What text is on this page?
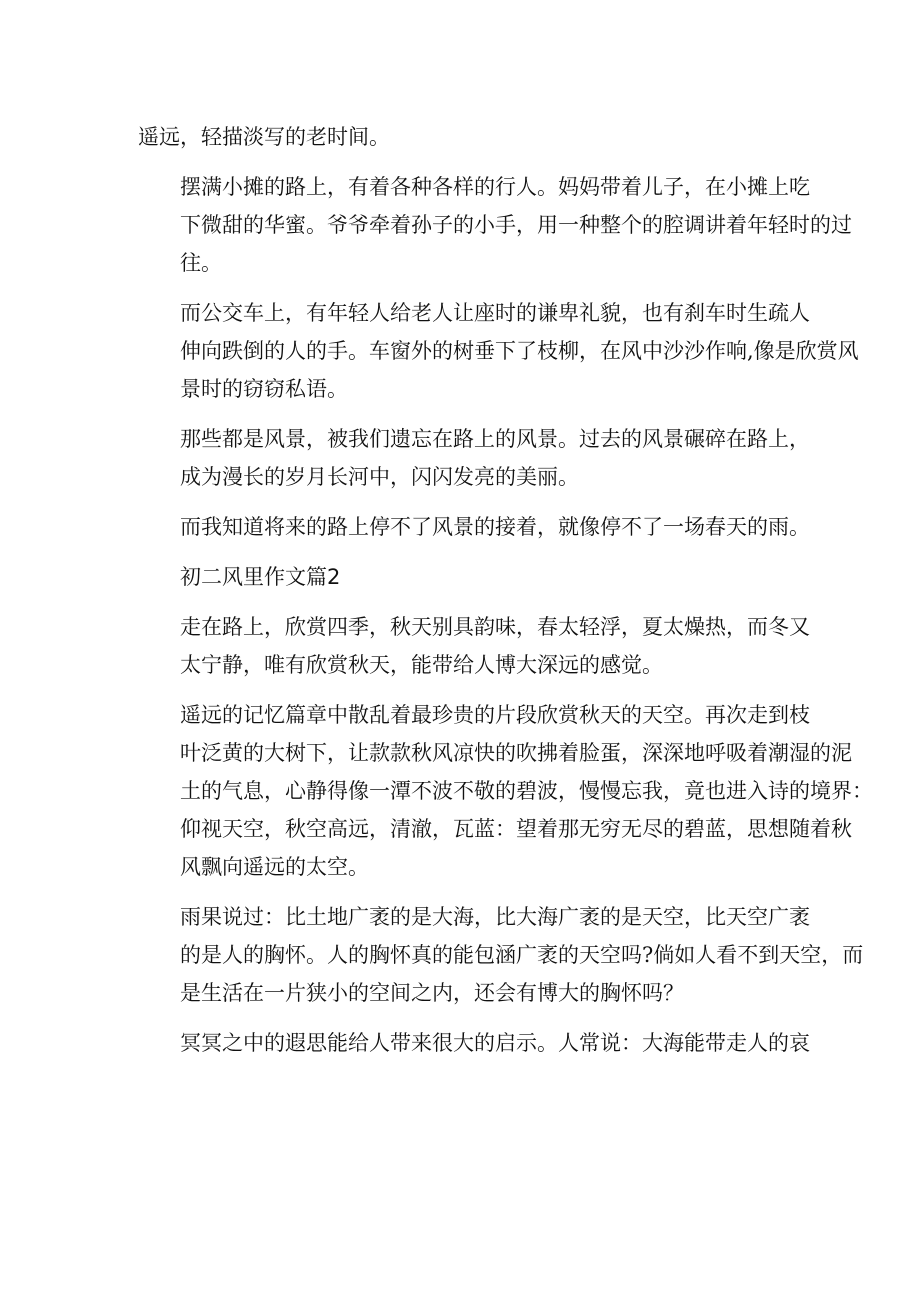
遥远，轻描淡写的老时间。

摆满小摊的路上，有着各种各样的行人。妈妈带着儿子，在小摊上吃
下微甜的华蜜。爷爷牵着孙子的小手，用一种整个的腔调讲着年轻时的过
往。

而公交车上，有年轻人给老人让座时的谦卑礼貌，也有刹车时生疏人
伸向跌倒的人的手。车窗外的树垂下了枝柳，在风中沙沙作响,像是欣赏风
景时的窃窃私语。

那些都是风景，被我们遗忘在路上的风景。过去的风景碾碎在路上，
成为漫长的岁月长河中，闪闪发亮的美丽。

而我知道将来的路上停不了风景的接着，就像停不了一场春天的雨。

初二风里作文篇2

走在路上，欣赏四季，秋天别具韵味，春太轻浮，夏太燥热，而冬又
太宁静，唯有欣赏秋天，能带给人博大深远的感觉。

遥远的记忆篇章中散乱着最珍贵的片段欣赏秋天的天空。再次走到枝
叶泛黄的大树下，让款款秋风凉快的吹拂着脸蛋，深深地呼吸着潮湿的泥
土的气息，心静得像一潭不波不敬的碧波，慢慢忘我，竟也进入诗的境界：
仰视天空，秋空高远，清澈，瓦蓝：望着那无穷无尽的碧蓝，思想随着秋
风飘向遥远的太空。

雨果说过：比土地广袤的是大海，比大海广袤的是天空，比天空广袤
的是人的胸怀。人的胸怀真的能包涵广袤的天空吗?倘如人看不到天空，而
是生活在一片狭小的空间之内，还会有博大的胸怀吗？

冥冥之中的遐思能给人带来很大的启示。人常说：大海能带走人的哀
